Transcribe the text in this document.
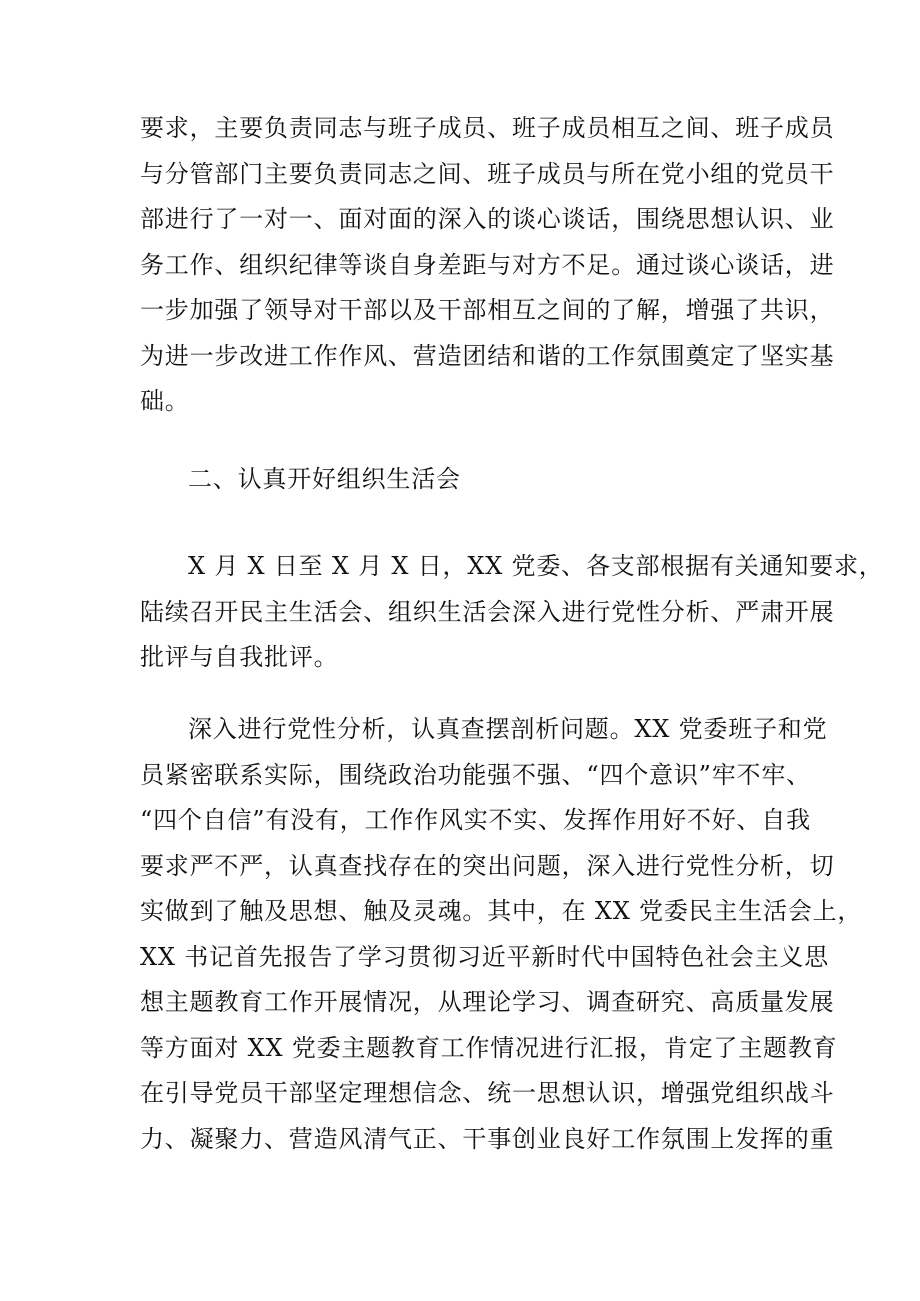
要求，主要负责同志与班子成员、班子成员相互之间、班子成员
与分管部门主要负责同志之间、班子成员与所在党小组的党员干
部进行了一对一、面对面的深入的谈心谈话，围绕思想认识、业
务工作、组织纪律等谈自身差距与对方不足。通过谈心谈话，进
一步加强了领导对干部以及干部相互之间的了解，增强了共识，
为进一步改进工作作风、营造团结和谐的工作氛围奠定了坚实基
础。
二、认真开好组织生活会
X 月 X 日至 X 月 X 日，XX 党委、各支部根据有关通知要求，
陆续召开民主生活会、组织生活会深入进行党性分析、严肃开展
批评与自我批评。
深入进行党性分析，认真查摆剖析问题。XX 党委班子和党
员紧密联系实际，围绕政治功能强不强、“四个意识”牢不牢、
“四个自信”有没有，工作作风实不实、发挥作用好不好、自我
要求严不严，认真查找存在的突出问题，深入进行党性分析，切
实做到了触及思想、触及灵魂。其中，在 XX 党委民主生活会上，
XX 书记首先报告了学习贯彻习近平新时代中国特色社会主义思
想主题教育工作开展情况，从理论学习、调查研究、高质量发展
等方面对 XX 党委主题教育工作情况进行汇报，肯定了主题教育
在引导党员干部坚定理想信念、统一思想认识，增强党组织战斗
力、凝聚力、营造风清气正、干事创业良好工作氛围上发挥的重
